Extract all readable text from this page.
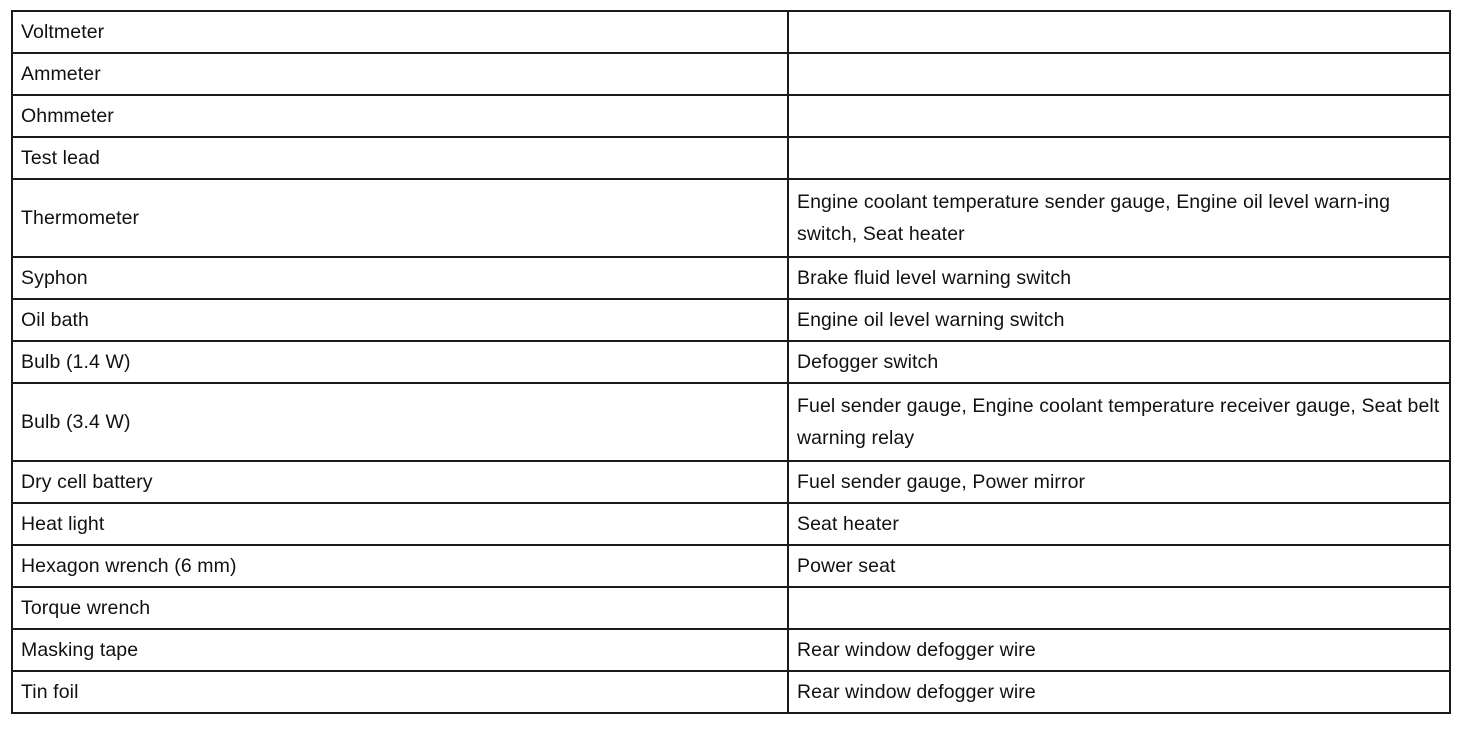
Voltmeter	
Ammeter	
Ohmmeter	
Test lead	
Thermometer	Engine coolant temperature sender gauge, Engine oil level warn-ing switch, Seat heater
Syphon	Brake fluid level warning switch
Oil bath	Engine oil level warning switch
Bulb (1.4 W)	Defogger switch
Bulb (3.4 W)	Fuel sender gauge, Engine coolant temperature receiver gauge, Seat belt warning relay
Dry cell battery	Fuel sender gauge, Power mirror
Heat light	Seat heater
Hexagon wrench (6 mm)	Power seat
Torque wrench	
Masking tape	Rear window defogger wire
Tin foil	Rear window defogger wire
